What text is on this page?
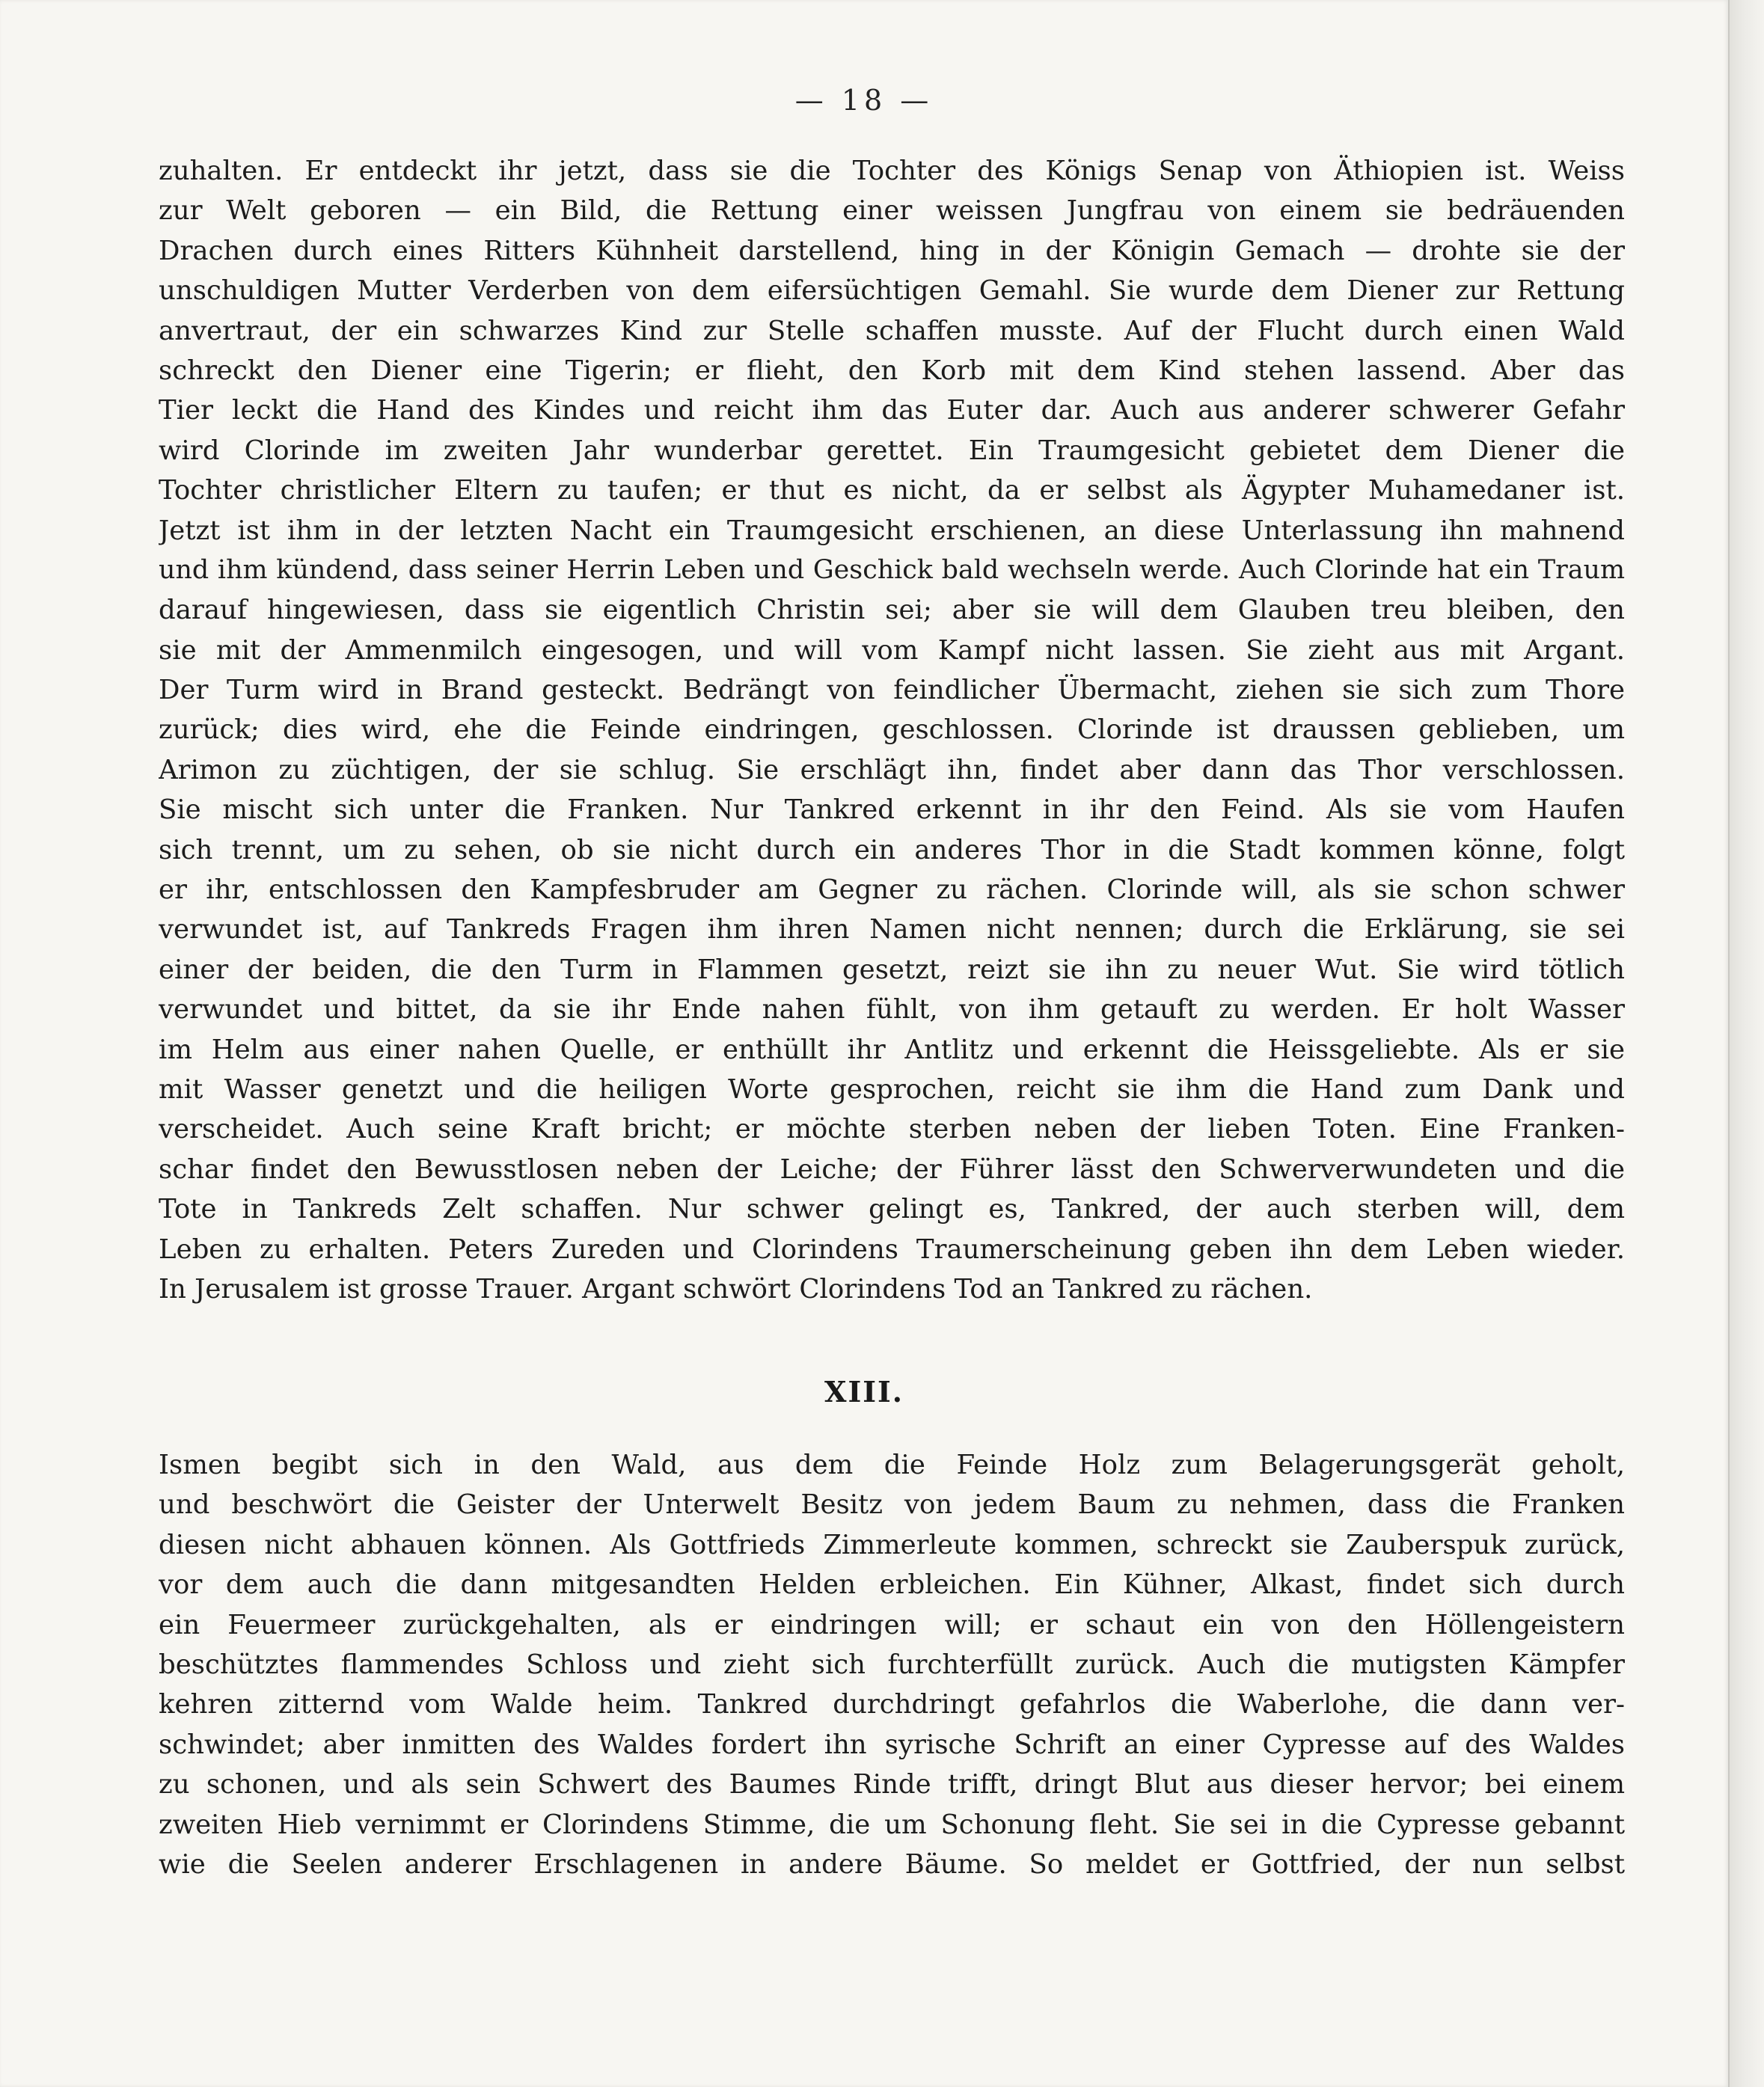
— 18 —
zuhalten. Er entdeckt ihr jetzt, dass sie die Tochter des Königs Senap von Äthiopien ist. Weiss
zur Welt geboren — ein Bild, die Rettung einer weissen Jungfrau von einem sie bedräuenden
Drachen durch eines Ritters Kühnheit darstellend, hing in der Königin Gemach — drohte sie der
unschuldigen Mutter Verderben von dem eifersüchtigen Gemahl. Sie wurde dem Diener zur Rettung
anvertraut, der ein schwarzes Kind zur Stelle schaffen musste. Auf der Flucht durch einen Wald
schreckt den Diener eine Tigerin; er flieht, den Korb mit dem Kind stehen lassend. Aber das
Tier leckt die Hand des Kindes und reicht ihm das Euter dar. Auch aus anderer schwerer Gefahr
wird Clorinde im zweiten Jahr wunderbar gerettet. Ein Traumgesicht gebietet dem Diener die
Tochter christlicher Eltern zu taufen; er thut es nicht, da er selbst als Ägypter Muhamedaner ist.
Jetzt ist ihm in der letzten Nacht ein Traumgesicht erschienen, an diese Unterlassung ihn mahnend
und ihm kündend, dass seiner Herrin Leben und Geschick bald wechseln werde. Auch Clorinde hat ein Traum
darauf hingewiesen, dass sie eigentlich Christin sei; aber sie will dem Glauben treu bleiben, den
sie mit der Ammenmilch eingesogen, und will vom Kampf nicht lassen. Sie zieht aus mit Argant.
Der Turm wird in Brand gesteckt. Bedrängt von feindlicher Übermacht, ziehen sie sich zum Thore
zurück; dies wird, ehe die Feinde eindringen, geschlossen. Clorinde ist draussen geblieben, um
Arimon zu züchtigen, der sie schlug. Sie erschlägt ihn, findet aber dann das Thor verschlossen.
Sie mischt sich unter die Franken. Nur Tankred erkennt in ihr den Feind. Als sie vom Haufen
sich trennt, um zu sehen, ob sie nicht durch ein anderes Thor in die Stadt kommen könne, folgt
er ihr, entschlossen den Kampfesbruder am Gegner zu rächen. Clorinde will, als sie schon schwer
verwundet ist, auf Tankreds Fragen ihm ihren Namen nicht nennen; durch die Erklärung, sie sei
einer der beiden, die den Turm in Flammen gesetzt, reizt sie ihn zu neuer Wut. Sie wird tötlich
verwundet und bittet, da sie ihr Ende nahen fühlt, von ihm getauft zu werden. Er holt Wasser
im Helm aus einer nahen Quelle, er enthüllt ihr Antlitz und erkennt die Heissgeliebte. Als er sie
mit Wasser genetzt und die heiligen Worte gesprochen, reicht sie ihm die Hand zum Dank und
verscheidet. Auch seine Kraft bricht; er möchte sterben neben der lieben Toten. Eine Franken-
schar findet den Bewusstlosen neben der Leiche; der Führer lässt den Schwerverwundeten und die
Tote in Tankreds Zelt schaffen. Nur schwer gelingt es, Tankred, der auch sterben will, dem
Leben zu erhalten. Peters Zureden und Clorindens Traumerscheinung geben ihn dem Leben wieder.
In Jerusalem ist grosse Trauer. Argant schwört Clorindens Tod an Tankred zu rächen.
XIII.
Ismen begibt sich in den Wald, aus dem die Feinde Holz zum Belagerungsgerät geholt,
und beschwört die Geister der Unterwelt Besitz von jedem Baum zu nehmen, dass die Franken
diesen nicht abhauen können. Als Gottfrieds Zimmerleute kommen, schreckt sie Zauberspuk zurück,
vor dem auch die dann mitgesandten Helden erbleichen. Ein Kühner, Alkast, findet sich durch
ein Feuermeer zurückgehalten, als er eindringen will; er schaut ein von den Höllengeistern
beschütztes flammendes Schloss und zieht sich furchterfüllt zurück. Auch die mutigsten Kämpfer
kehren zitternd vom Walde heim. Tankred durchdringt gefahrlos die Waberlohe, die dann ver-
schwindet; aber inmitten des Waldes fordert ihn syrische Schrift an einer Cypresse auf des Waldes
zu schonen, und als sein Schwert des Baumes Rinde trifft, dringt Blut aus dieser hervor; bei einem
zweiten Hieb vernimmt er Clorindens Stimme, die um Schonung fleht. Sie sei in die Cypresse gebannt
wie die Seelen anderer Erschlagenen in andere Bäume. So meldet er Gottfried, der nun selbst
